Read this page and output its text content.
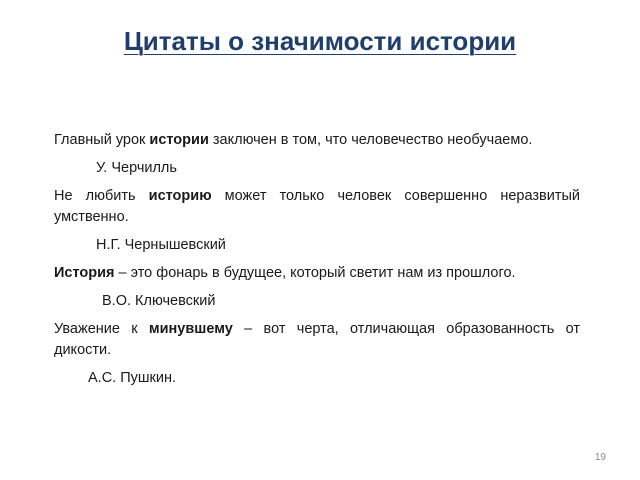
Цитаты о значимости истории

Главный урок истории заключен в том, что человечество необучаемо.

У. Черчилль

Не любить историю может только человек совершенно неразвитый умственно.

Н.Г. Чернышевский

История – это фонарь в будущее, который светит нам из прошлого.

В.О. Ключевский

Уважение к минувшему – вот черта, отличающая образованность от дикости.

А.С. Пушкин.
19
